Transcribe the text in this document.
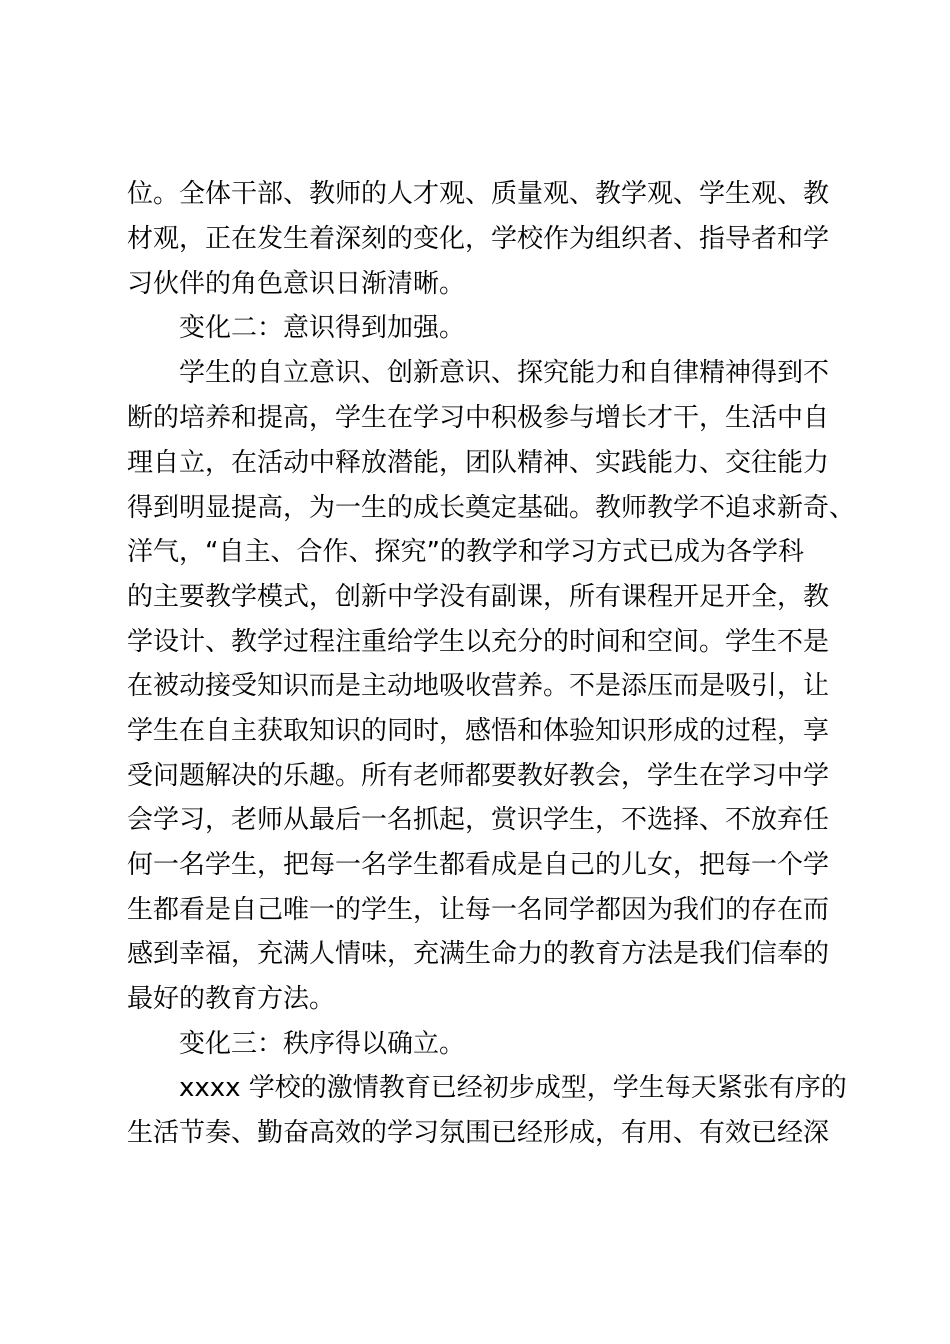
位。全体干部、教师的人才观、质量观、教学观、学生观、教
材观，正在发生着深刻的变化，学校作为组织者、指导者和学
习伙伴的角色意识日渐清晰。
变化二：意识得到加强。
学生的自立意识、创新意识、探究能力和自律精神得到不
断的培养和提高，学生在学习中积极参与增长才干，生活中自
理自立，在活动中释放潜能，团队精神、实践能力、交往能力
得到明显提高，为一生的成长奠定基础。教师教学不追求新奇、
洋气，“自主、合作、探究”的教学和学习方式已成为各学科
的主要教学模式，创新中学没有副课，所有课程开足开全，教
学设计、教学过程注重给学生以充分的时间和空间。学生不是
在被动接受知识而是主动地吸收营养。不是添压而是吸引，让
学生在自主获取知识的同时，感悟和体验知识形成的过程，享
受问题解决的乐趣。所有老师都要教好教会，学生在学习中学
会学习，老师从最后一名抓起，赏识学生，不选择、不放弃任
何一名学生，把每一名学生都看成是自己的儿女，把每一个学
生都看是自己唯一的学生，让每一名同学都因为我们的存在而
感到幸福，充满人情味，充满生命力的教育方法是我们信奉的
最好的教育方法。
变化三：秩序得以确立。
xxxx 学校的激情教育已经初步成型，学生每天紧张有序的
生活节奏、勤奋高效的学习氛围已经形成，有用、有效已经深
